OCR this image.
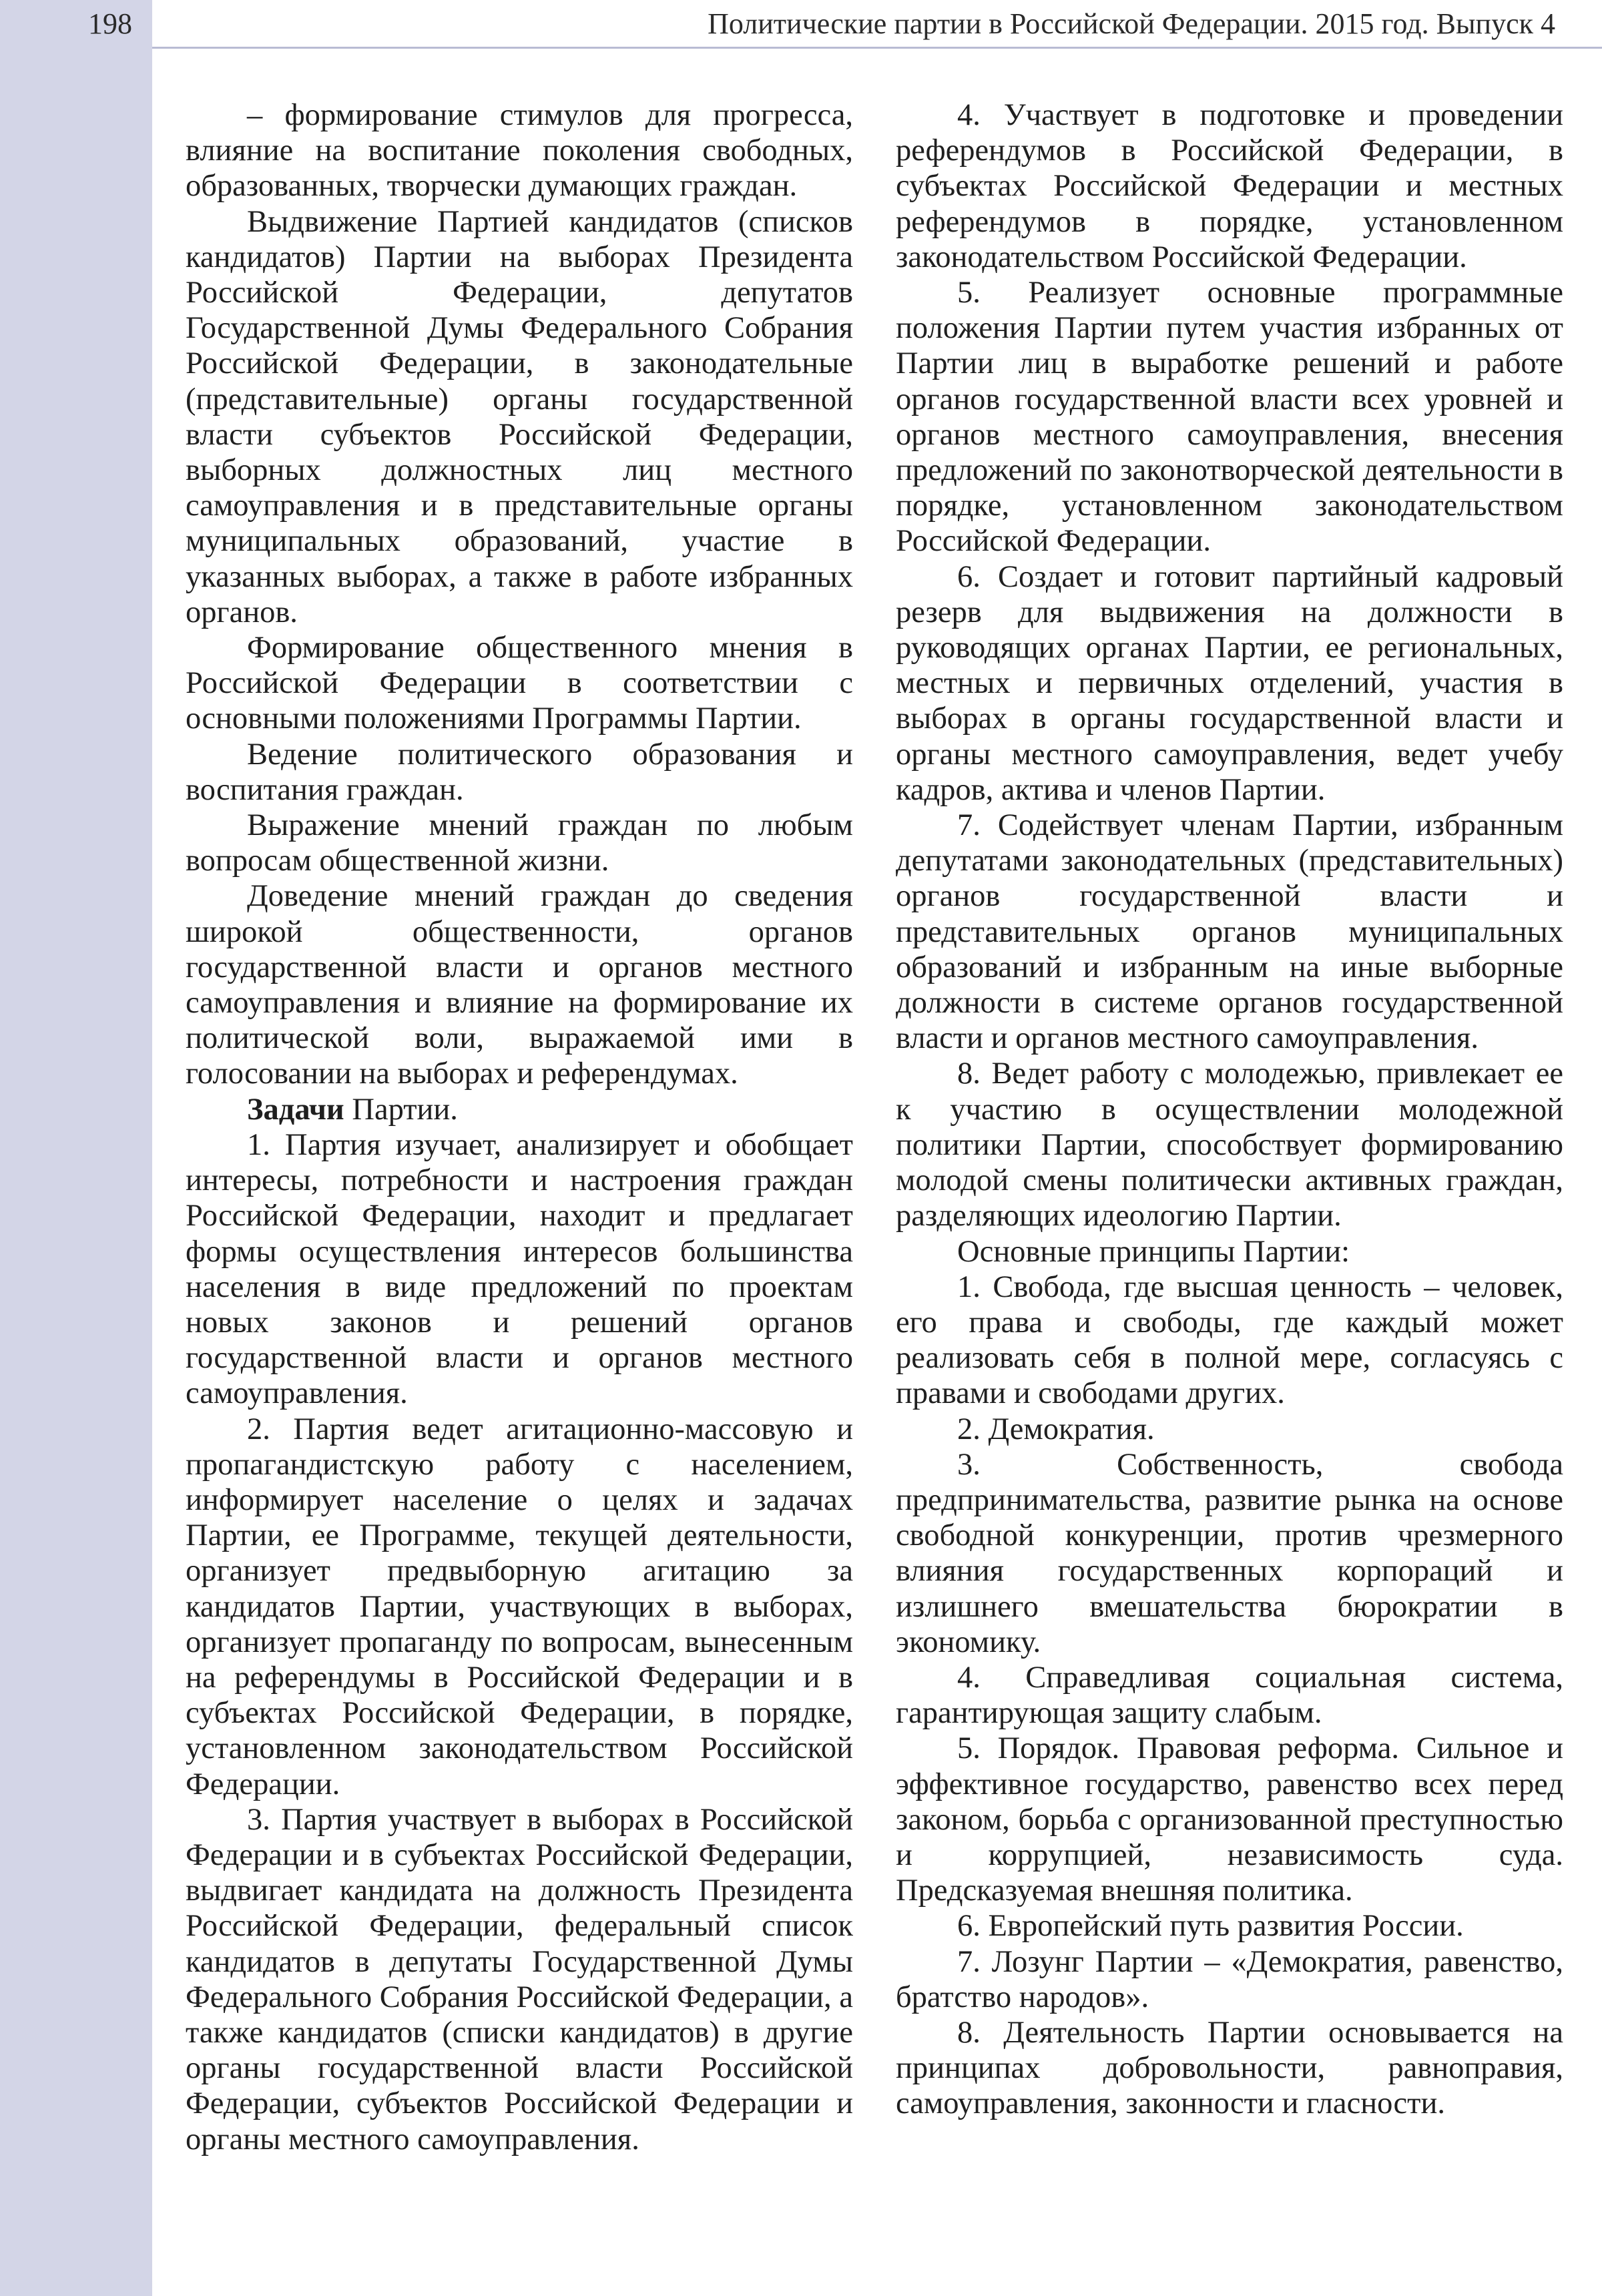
198	Политические партии в Российской Федерации. 2015 год. Выпуск 4

– формирование стимулов для прогресса, влияние на воспитание поколения свободных, образованных, творчески думающих граждан.

Выдвижение Партией кандидатов (списков кандидатов) Партии на выборах Президента Российской Федерации, депутатов Государственной Думы Федерального Собрания Российской Федерации, в законодательные (представительные) органы государственной власти субъектов Российской Федерации, выборных должностных лиц местного самоуправления и в представительные органы муниципальных образований, участие в указанных выборах, а также в работе избранных органов.

Формирование общественного мнения в Российской Федерации в соответствии с основными положениями Программы Партии.

Ведение политического образования и воспитания граждан.

Выражение мнений граждан по любым вопросам общественной жизни.

Доведение мнений граждан до сведения широкой общественности, органов государственной власти и органов местного самоуправления и влияние на формирование их политической воли, выражаемой ими в голосовании на выборах и референдумах.

Задачи Партии.

1. Партия изучает, анализирует и обобщает интересы, потребности и настроения граждан Российской Федерации, находит и предлагает формы осуществления интересов большинства населения в виде предложений по проектам новых законов и решений органов государственной власти и органов местного самоуправления.

2. Партия ведет агитационно-массовую и пропагандистскую работу с населением, информирует население о целях и задачах Партии, ее Программе, текущей деятельности, организует предвыборную агитацию за кандидатов Партии, участвующих в выборах, организует пропаганду по вопросам, вынесенным на референдумы в Российской Федерации и в субъектах Российской Федерации, в порядке, установленном законодательством Российской Федерации.

3. Партия участвует в выборах в Российской Федерации и в субъектах Российской Федерации, выдвигает кандидата на должность Президента Российской Федерации, федеральный список кандидатов в депутаты Государственной Думы Федерального Собрания Российской Федерации, а также кандидатов (списки кандидатов) в другие органы государственной власти Российской Федерации, субъектов Российской Федерации и органы местного самоуправления.

4. Участвует в подготовке и проведении референдумов в Российской Федерации, в субъектах Российской Федерации и местных референдумов в порядке, установленном законодательством Российской Федерации.

5. Реализует основные программные положения Партии путем участия избранных от Партии лиц в выработке решений и работе органов государственной власти всех уровней и органов местного самоуправления, внесения предложений по законотворческой деятельности в порядке, установленном законодательством Российской Федерации.

6. Создает и готовит партийный кадровый резерв для выдвижения на должности в руководящих органах Партии, ее региональных, местных и первичных отделений, участия в выборах в органы государственной власти и органы местного самоуправления, ведет учебу кадров, актива и членов Партии.

7. Содействует членам Партии, избранным депутатами законодательных (представительных) органов государственной власти и представительных органов муниципальных образований и избранным на иные выборные должности в системе органов государственной власти и органов местного самоуправления.

8. Ведет работу с молодежью, привлекает ее к участию в осуществлении молодежной политики Партии, способствует формированию молодой смены политически активных граждан, разделяющих идеологию Партии.

Основные принципы Партии:

1. Свобода, где высшая ценность – человек, его права и свободы, где каждый может реализовать себя в полной мере, согласуясь с правами и свободами других.

2. Демократия.

3. Собственность, свобода предпринимательства, развитие рынка на основе свободной конкуренции, против чрезмерного влияния государственных корпораций и излишнего вмешательства бюрократии в экономику.

4. Справедливая социальная система, гарантирующая защиту слабым.

5. Порядок. Правовая реформа. Сильное и эффективное государство, равенство всех перед законом, борьба с организованной преступностью и коррупцией, независимость суда. Предсказуемая внешняя политика.

6. Европейский путь развития России.

7. Лозунг Партии – «Демократия, равенство, братство народов».

8. Деятельность Партии основывается на принципах добровольности, равноправия, самоуправления, законности и гласности.
